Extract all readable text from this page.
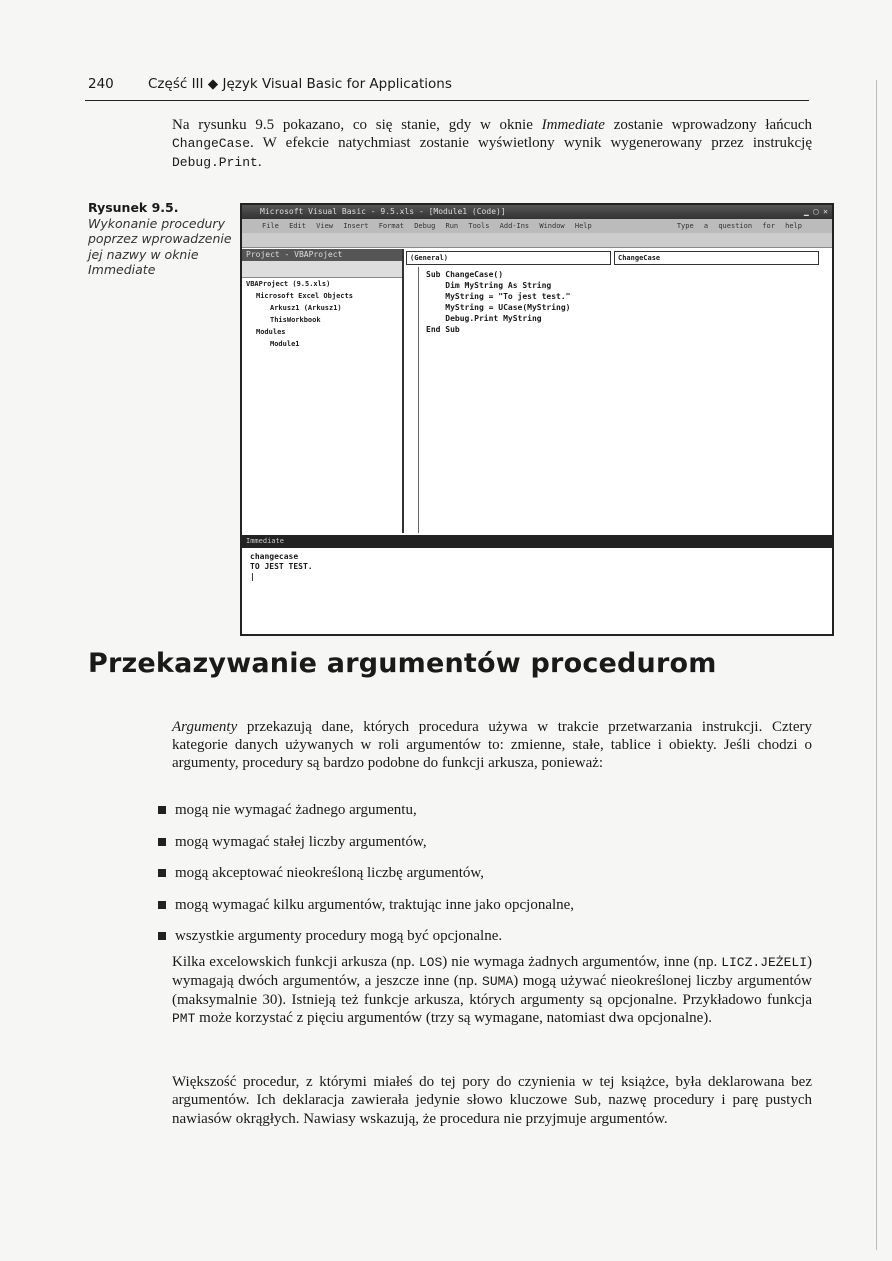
240	Część III ◆ Język Visual Basic for Applications
Na rysunku 9.5 pokazano, co się stanie, gdy w oknie Immediate zostanie wprowadzony łańcuch ChangeCase. W efekcie natychmiast zostanie wyświetlony wynik wygenerowany przez instrukcję Debug.Print.
Rysunek 9.5.
Wykonanie procedury poprzez wprowadzenie jej nazwy w oknie Immediate
Microsoft Visual Basic - 9.5.xls - [Module1 (Code)]	▁ ▢ ✕
File Edit View Insert Format Debug Run Tools Add-Ins Window Help	Type a question for help
Project - VBAProject
VBAProject (9.5.xls)
Microsoft Excel Objects
Arkusz1 (Arkusz1)
ThisWorkbook
Modules
Module1
(General)	ChangeCase
Sub ChangeCase()
Dim MyString As String
MyString = "To jest test."
MyString = UCase(MyString)
Debug.Print MyString
End Sub
Immediate
changecase
TO JEST TEST.
|
Przekazywanie argumentów procedurom
Argumenty przekazują dane, których procedura używa w trakcie przetwarzania instrukcji. Cztery kategorie danych używanych w roli argumentów to: zmienne, stałe, tablice i obiekty. Jeśli chodzi o argumenty, procedury są bardzo podobne do funkcji arkusza, ponieważ:
mogą nie wymagać żadnego argumentu,
mogą wymagać stałej liczby argumentów,
mogą akceptować nieokreśloną liczbę argumentów,
mogą wymagać kilku argumentów, traktując inne jako opcjonalne,
wszystkie argumenty procedury mogą być opcjonalne.
Kilka excelowskich funkcji arkusza (np. LOS) nie wymaga żadnych argumentów, inne (np. LICZ.JEŻELI) wymagają dwóch argumentów, a jeszcze inne (np. SUMA) mogą używać nieokreślonej liczby argumentów (maksymalnie 30). Istnieją też funkcje arkusza, których argumenty są opcjonalne. Przykładowo funkcja PMT może korzystać z pięciu argumentów (trzy są wymagane, natomiast dwa opcjonalne).
Większość procedur, z którymi miałeś do tej pory do czynienia w tej książce, była deklarowana bez argumentów. Ich deklaracja zawierała jedynie słowo kluczowe Sub, nazwę procedury i parę pustych nawiasów okrągłych. Nawiasy wskazują, że procedura nie przyjmuje argumentów.
